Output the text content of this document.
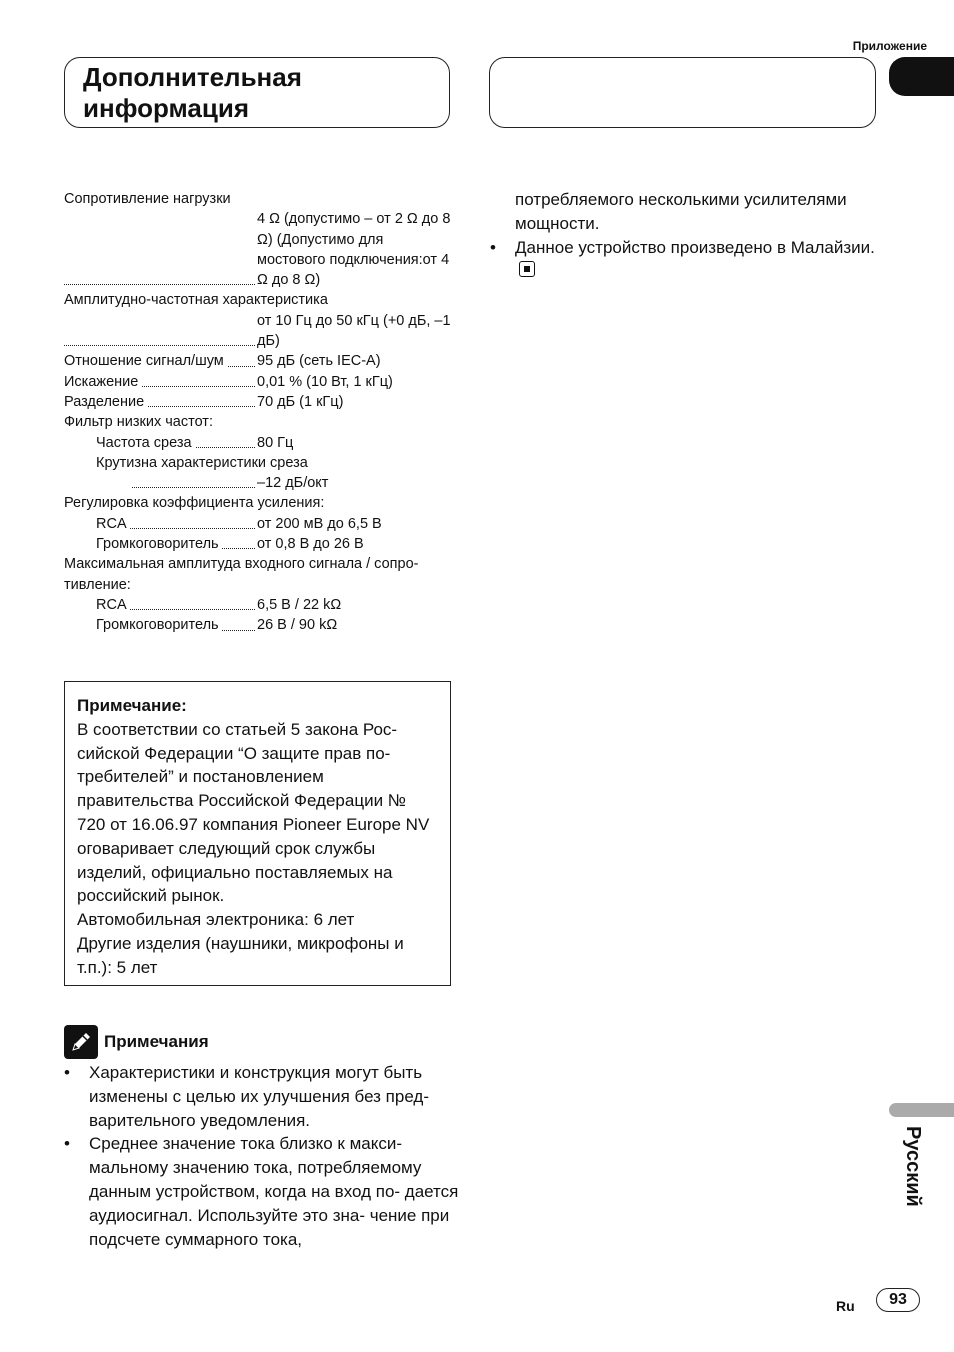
Приложение
Дополнительная
информация
Сопротивление нагрузки
4 Ω (допустимо – от 2 Ω до 8 Ω) (Допустимо для мостового подключения:от 4 Ω до 8 Ω)
Амплитудно-частотная характеристика
от 10 Гц до 50 кГц (+0 дБ, –1 дБ)
Отношение сигнал/шум	95 дБ (сеть IEC-A)
Искажение	0,01 % (10 Вт, 1 кГц)
Разделение	70 дБ (1 кГц)
Фильтр низких частот:
Частота среза	80 Гц
Крутизна характеристики среза
–12 дБ/окт
Регулировка коэффициента усиления:
RCA	от 200 мВ до 6,5 В
Громкоговоритель	от 0,8 В до 26 В
Максимальная амплитуда входного сигнала / сопро- тивление:
RCA	6,5 В / 22 kΩ
Громкоговоритель	26 В / 90 kΩ
Примечание:
В соответствии со статьей 5 закона Рос- сийской Федерации “О защите прав по- требителей” и постановлением правительства Российской Федерации № 720 от 16.06.97 компания Pioneer Europe NV оговаривает следующий срок службы изделий, официально поставляемых на российский рынок.
Автомобильная электроника: 6 лет
Другие изделия (наушники, микрофоны и т.п.): 5 лет
Примечания
• Характеристики и конструкция могут быть изменены с целью их улучшения без пред- варительного уведомления.
• Среднее значение тока близко к макси- мальному значению тока, потребляемому данным устройством, когда на вход по- дается аудиосигнал. Используйте это зна- чение при подсчете суммарного тока,
потребляемого несколькими усилителями мощности.
• Данное устройство произведено в Малайзии.
Русский
Ru	93
